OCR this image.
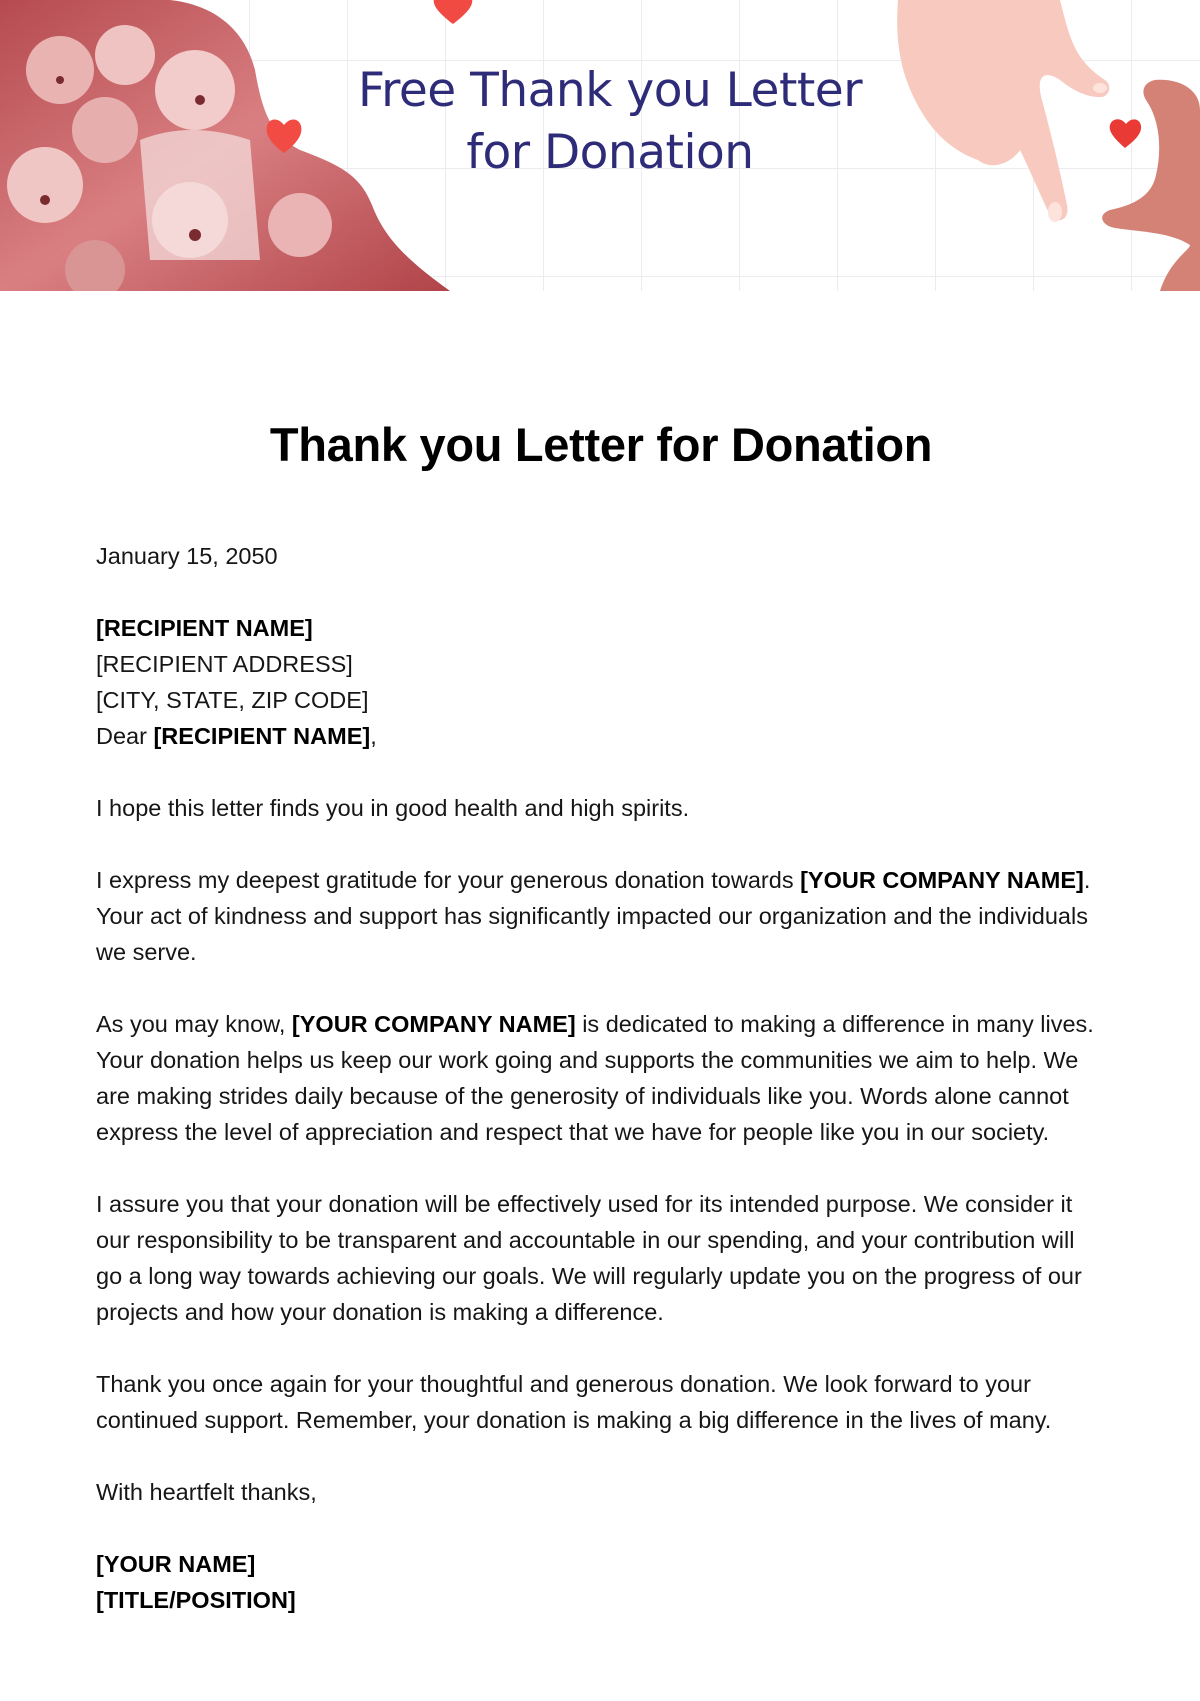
Free Thank you Letter
for Donation
Thank you Letter for Donation

January 15, 2050

[RECIPIENT NAME]
[RECIPIENT ADDRESS]
[CITY, STATE, ZIP CODE]
Dear [RECIPIENT NAME],

I hope this letter finds you in good health and high spirits.

I express my deepest gratitude for your generous donation towards [YOUR COMPANY NAME]. Your act of kindness and support has significantly impacted our organization and the individuals we serve.

As you may know, [YOUR COMPANY NAME] is dedicated to making a difference in many lives. Your donation helps us keep our work going and supports the communities we aim to help. We are making strides daily because of the generosity of individuals like you. Words alone cannot express the level of appreciation and respect that we have for people like you in our society.

I assure you that your donation will be effectively used for its intended purpose. We consider it our responsibility to be transparent and accountable in our spending, and your contribution will go a long way towards achieving our goals. We will regularly update you on the progress of our projects and how your donation is making a difference.

Thank you once again for your thoughtful and generous donation. We look forward to your continued support. Remember, your donation is making a big difference in the lives of many.

With heartfelt thanks,

[YOUR NAME]
[TITLE/POSITION]
